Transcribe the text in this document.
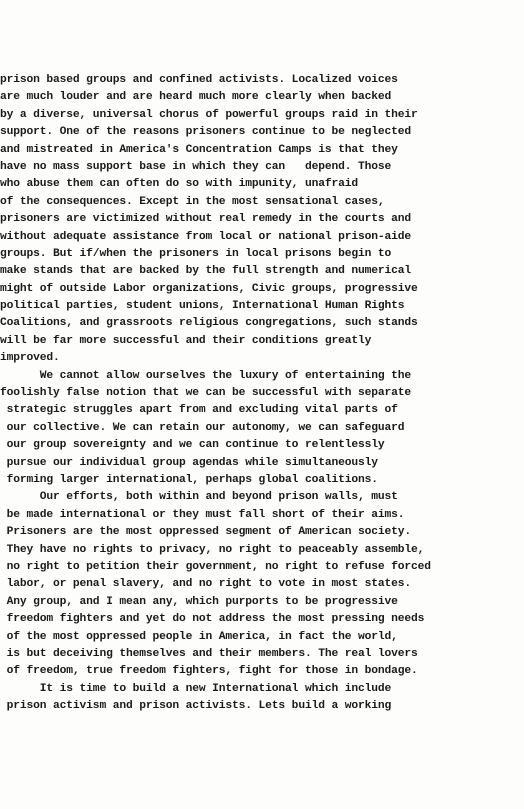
prison based groups and confined activists. Localized voices
are much louder and are heard much more clearly when backed
by a diverse, universal chorus of powerful groups raid in their
support. One of the reasons prisoners continue to be neglected
and mistreated in America's Concentration Camps is that they
have no mass support base in which they can   depend. Those
who abuse them can often do so with impunity, unafraid
of the consequences. Except in the most sensational cases,
prisoners are victimized without real remedy in the courts and
without adequate assistance from local or national prison-aide
groups. But if/when the prisoners in local prisons begin to
make stands that are backed by the full strength and numerical
might of outside Labor organizations, Civic groups, progressive
political parties, student unions, International Human Rights
Coalitions, and grassroots religious congregations, such stands
will be far more successful and their conditions greatly
improved.
We cannot allow ourselves the luxury of entertaining the
foolishly false notion that we can be successful with separate
strategic struggles apart from and excluding vital parts of
our collective. We can retain our autonomy, we can safeguard
our group sovereignty and we can continue to relentlessly
pursue our individual group agendas while simultaneously
forming larger international, perhaps global coalitions.
Our efforts, both within and beyond prison walls, must
be made international or they must fall short of their aims.
Prisoners are the most oppressed segment of American society.
They have no rights to privacy, no right to peaceably assemble,
no right to petition their government, no right to refuse forced
labor, or penal slavery, and no right to vote in most states.
Any group, and I mean any, which purports to be progressive
freedom fighters and yet do not address the most pressing needs
of the most oppressed people in America, in fact the world,
is but deceiving themselves and their members. The real lovers
of freedom, true freedom fighters, fight for those in bondage.
It is time to build a new International which include
prison activism and prison activists. Lets build a working
